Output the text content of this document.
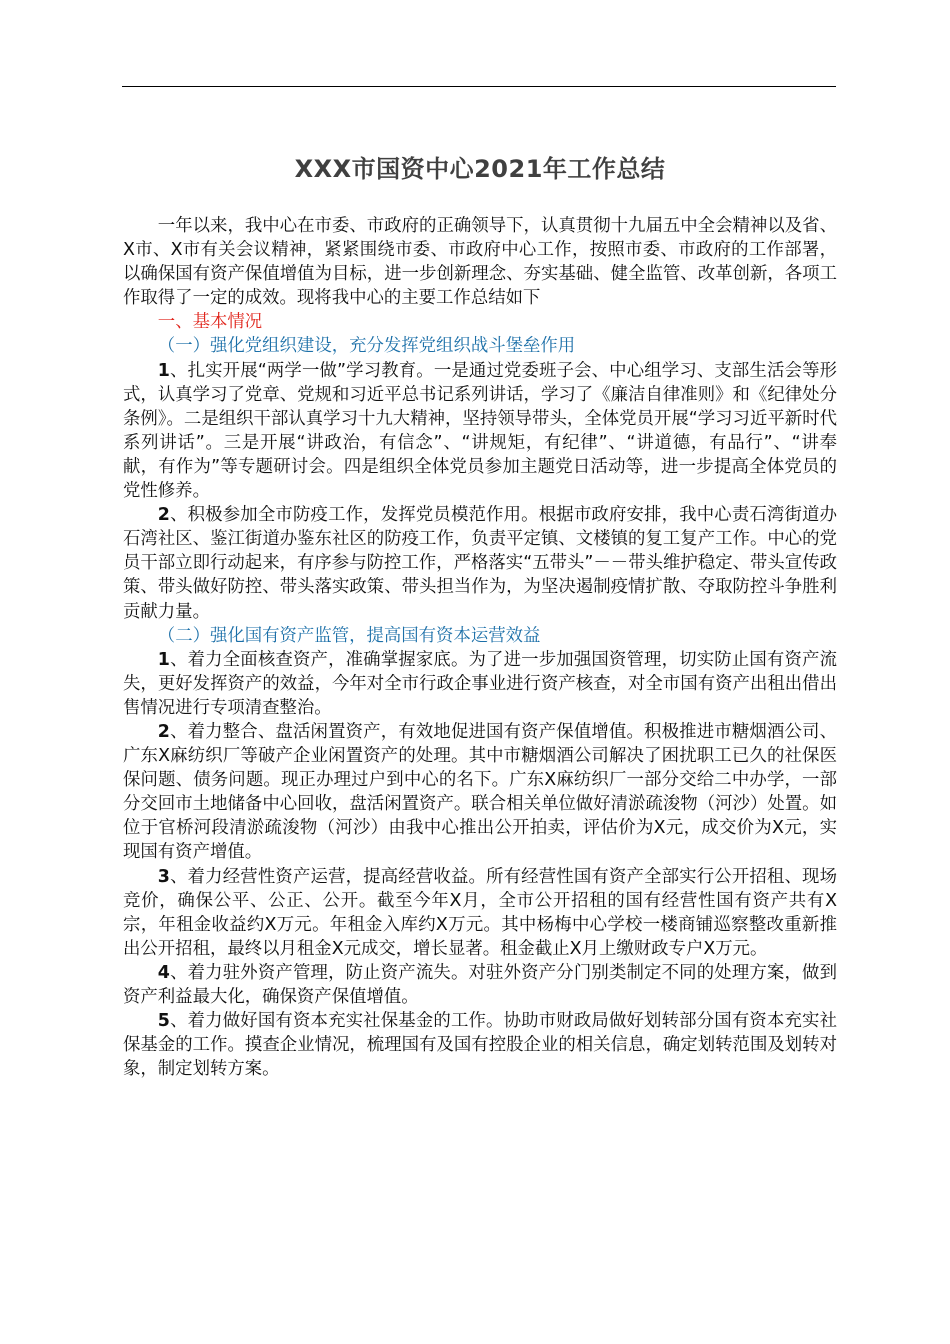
XXX市国资中心2021年工作总结

一年以来，我中心在市委、市政府的正确领导下，认真贯彻十九届五中全会精神以及省、X市、X市有关会议精神，紧紧围绕市委、市政府中心工作，按照市委、市政府的工作部署，以确保国有资产保值增值为目标，进一步创新理念、夯实基础、健全监管、改革创新，各项工作取得了一定的成效。现将我中心的主要工作总结如下

一、基本情况

（一）强化党组织建设，充分发挥党组织战斗堡垒作用

1、扎实开展“两学一做”学习教育。一是通过党委班子会、中心组学习、支部生活会等形式，认真学习了党章、党规和习近平总书记系列讲话，学习了《廉洁自律准则》和《纪律处分条例》。二是组织干部认真学习十九大精神，坚持领导带头，全体党员开展“学习习近平新时代系列讲话”。三是开展“讲政治，有信念”、“讲规矩，有纪律”、“讲道德，有品行”、“讲奉献，有作为”等专题研讨会。四是组织全体党员参加主题党日活动等，进一步提高全体党员的党性修养。

2、积极参加全市防疫工作，发挥党员模范作用。根据市政府安排，我中心责石湾街道办石湾社区、鉴江街道办鉴东社区的防疫工作，负责平定镇、文楼镇的复工复产工作。中心的党员干部立即行动起来，有序参与防控工作，严格落实“五带头”－－带头维护稳定、带头宣传政策、带头做好防控、带头落实政策、带头担当作为，为坚决遏制疫情扩散、夺取防控斗争胜利贡献力量。

（二）强化国有资产监管，提高国有资本运营效益

1、着力全面核查资产，准确掌握家底。为了进一步加强国资管理，切实防止国有资产流失，更好发挥资产的效益，今年对全市行政企事业进行资产核查，对全市国有资产出租出借出售情况进行专项清查整治。

2、着力整合、盘活闲置资产，有效地促进国有资产保值增值。积极推进市糖烟酒公司、广东X麻纺织厂等破产企业闲置资产的处理。其中市糖烟酒公司解决了困扰职工已久的社保医保问题、债务问题。现正办理过户到中心的名下。广东X麻纺织厂一部分交给二中办学，一部分交回市土地储备中心回收，盘活闲置资产。联合相关单位做好清淤疏浚物（河沙）处置。如位于官桥河段清淤疏浚物（河沙）由我中心推出公开拍卖，评估价为X元，成交价为X元，实现国有资产增值。

3、着力经营性资产运营，提高经营收益。所有经营性国有资产全部实行公开招租、现场竞价，确保公平、公正、公开。截至今年X月，全市公开招租的国有经营性国有资产共有X宗，年租金收益约X万元。年租金入库约X万元。其中杨梅中心学校一楼商铺巡察整改重新推出公开招租，最终以月租金X元成交，增长显著。租金截止X月上缴财政专户X万元。

4、着力驻外资产管理，防止资产流失。对驻外资产分门别类制定不同的处理方案，做到资产利益最大化，确保资产保值增值。

5、着力做好国有资本充实社保基金的工作。协助市财政局做好划转部分国有资本充实社保基金的工作。摸查企业情况，梳理国有及国有控股企业的相关信息，确定划转范围及划转对象，制定划转方案。
